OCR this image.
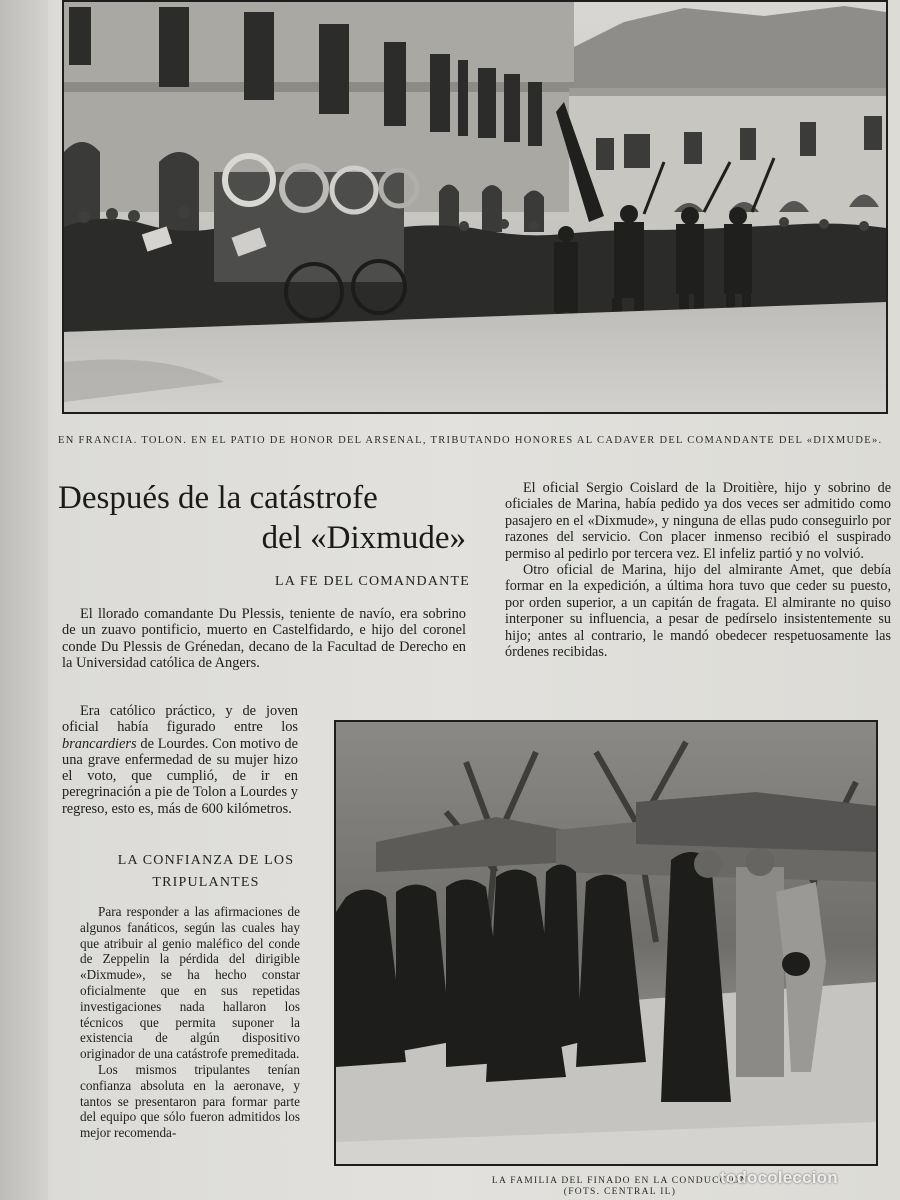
EN FRANCIA. TOLON. EN EL PATIO DE HONOR DEL ARSENAL, TRIBUTANDO HONORES AL CADAVER DEL COMANDANTE DEL «DIXMUDE».
Después de la catástrofe
del «Dixmude»
LA FE DEL COMANDANTE

El llorado comandante Du Plessis, teniente de navío, era sobrino de un zuavo pontificio, muerto en Castelfidardo, e hijo del coronel conde Du Plessis de Grénedan, decano de la Facultad de Derecho en la Universidad católica de Angers.

Era católico práctico, y de joven oficial había figurado entre los brancardiers de Lourdes. Con motivo de una grave enfermedad de su mujer hizo el voto, que cumplió, de ir en peregrinación a pie de Tolon a Lourdes y regreso, esto es, más de 600 kilómetros.

LA CONFIANZA DE LOS TRIPULANTES

Para responder a las afirmaciones de algunos fanáticos, según las cuales hay que atribuir al genio maléfico del conde de Zeppelin la pérdida del dirigible «Dixmude», se ha hecho constar oficialmente que en sus repetidas investigaciones nada hallaron los técnicos que permita suponer la existencia de algún dispositivo originador de una catástrofe premeditada.

Los mismos tripulantes tenían confianza absoluta en la aeronave, y tantos se presentaron para formar parte del equipo que sólo fueron admitidos los mejor recomenda-

El oficial Sergio Coislard de la Droitière, hijo y sobrino de oficiales de Marina, había pedido ya dos veces ser admitido como pasajero en el «Dixmude», y ninguna de ellas pudo conseguirlo por razones del servicio. Con placer inmenso recibió el suspirado permiso al pedirlo por tercera vez. El infeliz partió y no volvió.

Otro oficial de Marina, hijo del almirante Amet, que debía formar en la expedición, a última hora tuvo que ceder su puesto, por orden superior, a un capitán de fragata. El almirante no quiso interponer su influencia, a pesar de pedírselo insistentemente su hijo; antes al contrario, le mandó obedecer respetuosamente las órdenes recibidas.

LA FAMILIA DEL FINADO EN LA CONDUCCION
(FOTS. CENTRAL IL)
todocoleccion
